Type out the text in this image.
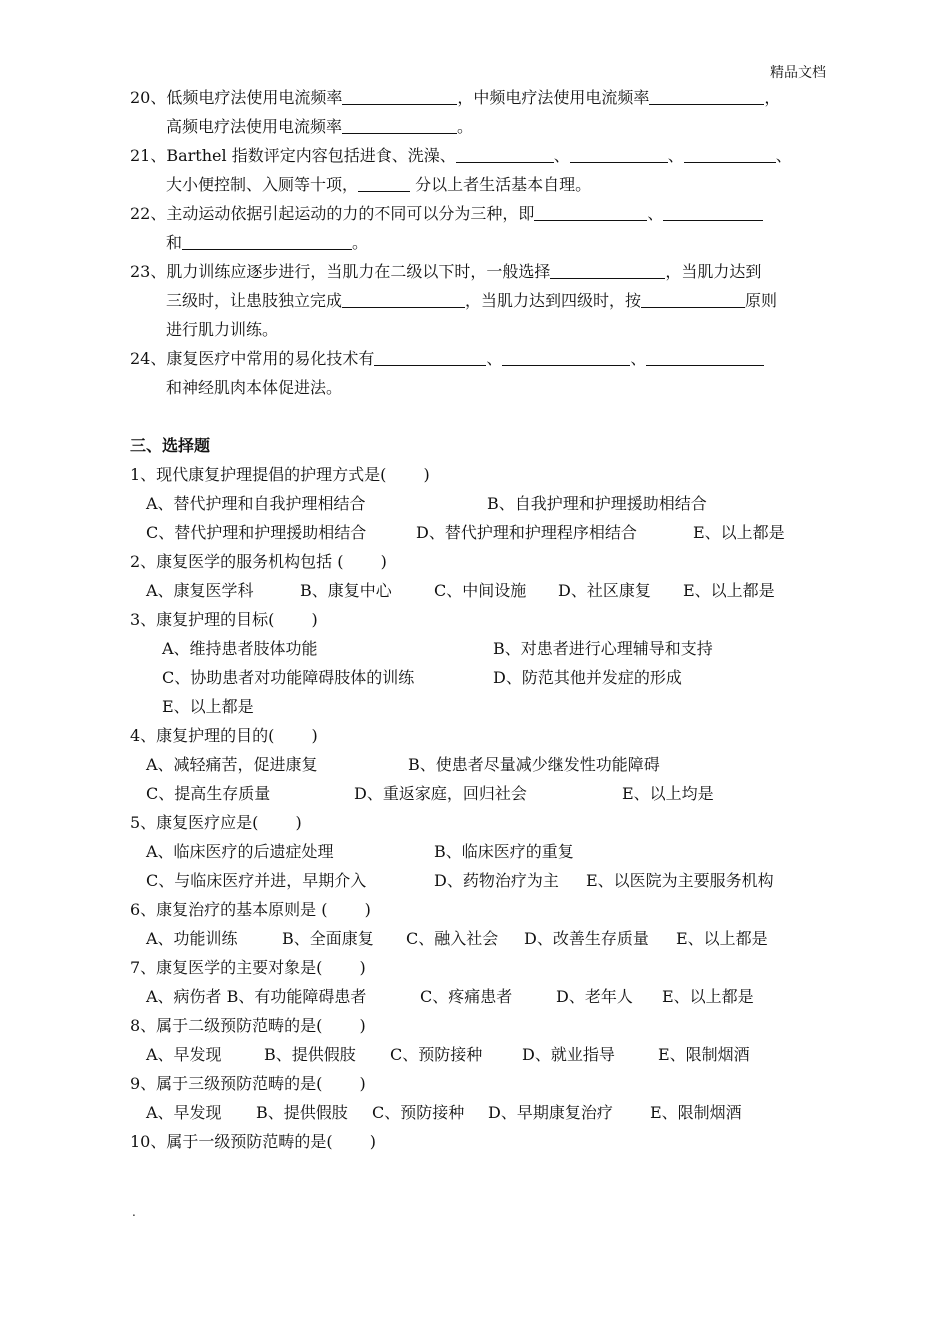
精品文档
20、低频电疗法使用电流频率	，中频电疗法使用电流频率	，
高频电疗法使用电流频率	。
21、Barthel 指数评定内容包括进食、洗澡、	、	、	、
大小便控制、入厕等十项，	分以上者生活基本自理。
22、主动运动依据引起运动的力的不同可以分为三种，即	、
和	。
23、肌力训练应逐步进行，当肌力在二级以下时，一般选择	，当肌力达到
三级时，让患肢独立完成	，当肌力达到四级时，按	原则
进行肌力训练。
24、康复医疗中常用的易化技术有	、	、
和神经肌肉本体促进法。
三、选择题
1、现代康复护理提倡的护理方式是(　　 )
A、替代护理和自我护理相结合	B、自我护理和护理援助相结合
C、替代护理和护理援助相结合	D、替代护理和护理程序相结合	E、以上都是
2、康复医学的服务机构包括 (　　 )
A、康复医学科	B、康复中心	C、中间设施 D、社区康复 E、以上都是
3、康复护理的目标(　　 )
A、维持患者肢体功能	B、对患者进行心理辅导和支持
C、协助患者对功能障碍肢体的训练	D、防范其他并发症的形成
E、以上都是
4、康复护理的目的(　　 )
A、减轻痛苦，促进康复	B、使患者尽量减少继发性功能障碍
C、提高生存质量	D、重返家庭，回归社会	E、以上均是
5、康复医疗应是(　　 )
A、临床医疗的后遗症处理	B、临床医疗的重复
C、与临床医疗并进，早期介入	D、药物治疗为主 E、以医院为主要服务机构
6、康复治疗的基本原则是 (　　 )
A、功能训练	B、全面康复 C、融入社会 D、改善生存质量 E、以上都是
7、康复医学的主要对象是(　　 )
A、病伤者 B、有功能障碍患者	C、疼痛患者	D、老年人 E、以上都是
8、属于二级预防范畴的是(　　 )
A、早发现	B、提供假肢 C、预防接种 D、就业指导	E、限制烟酒
9、属于三级预防范畴的是(　　 )
A、早发现 B、提供假肢 C、预防接种 D、早期康复治疗 E、限制烟酒
10、属于一级预防范畴的是(　　 )
.
